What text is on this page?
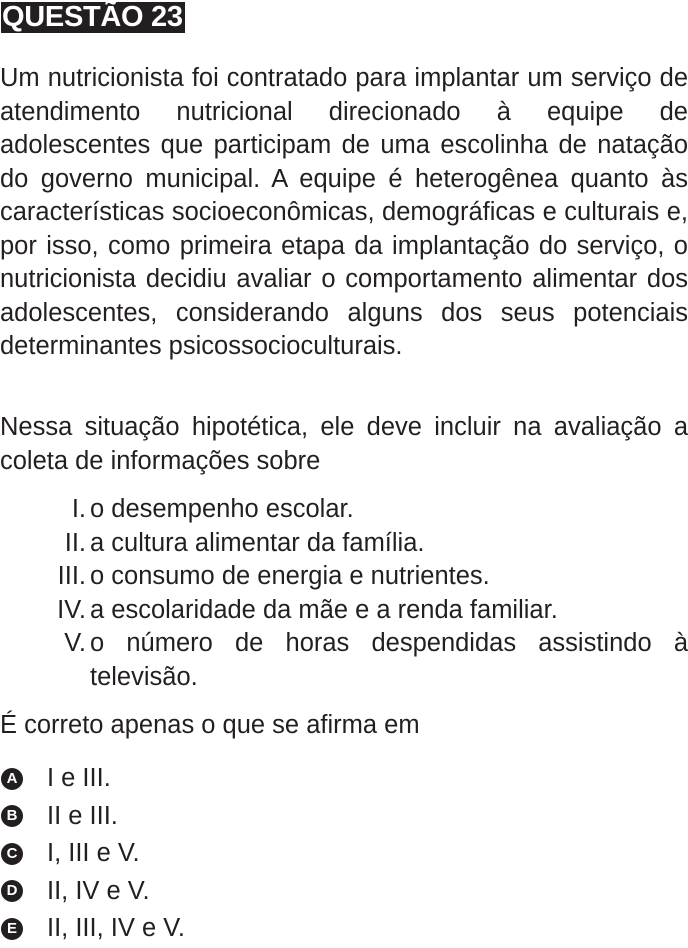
QUESTÃO 23

Um nutricionista foi contratado para implantar um serviço de atendimento nutricional direcionado à equipe de adolescentes que participam de uma escolinha de natação do governo municipal. A equipe é heterogênea quanto às características socioeconômicas, demográficas e culturais e, por isso, como primeira etapa da implantação do serviço, o nutricionista decidiu avaliar o comportamento alimentar dos adolescentes, considerando alguns dos seus potenciais determinantes psicossocioculturais.

Nessa situação hipotética, ele deve incluir na avaliação a coleta de informações sobre

I. o desempenho escolar.
II. a cultura alimentar da família.
III. o consumo de energia e nutrientes.
IV. a escolaridade da mãe e a renda familiar.
V. o número de horas despendidas assistindo à televisão.
É correto apenas o que se afirma em
A I e III.
B II e III.
C I, III e V.
D II, IV e V.
E II, III, IV e V.
